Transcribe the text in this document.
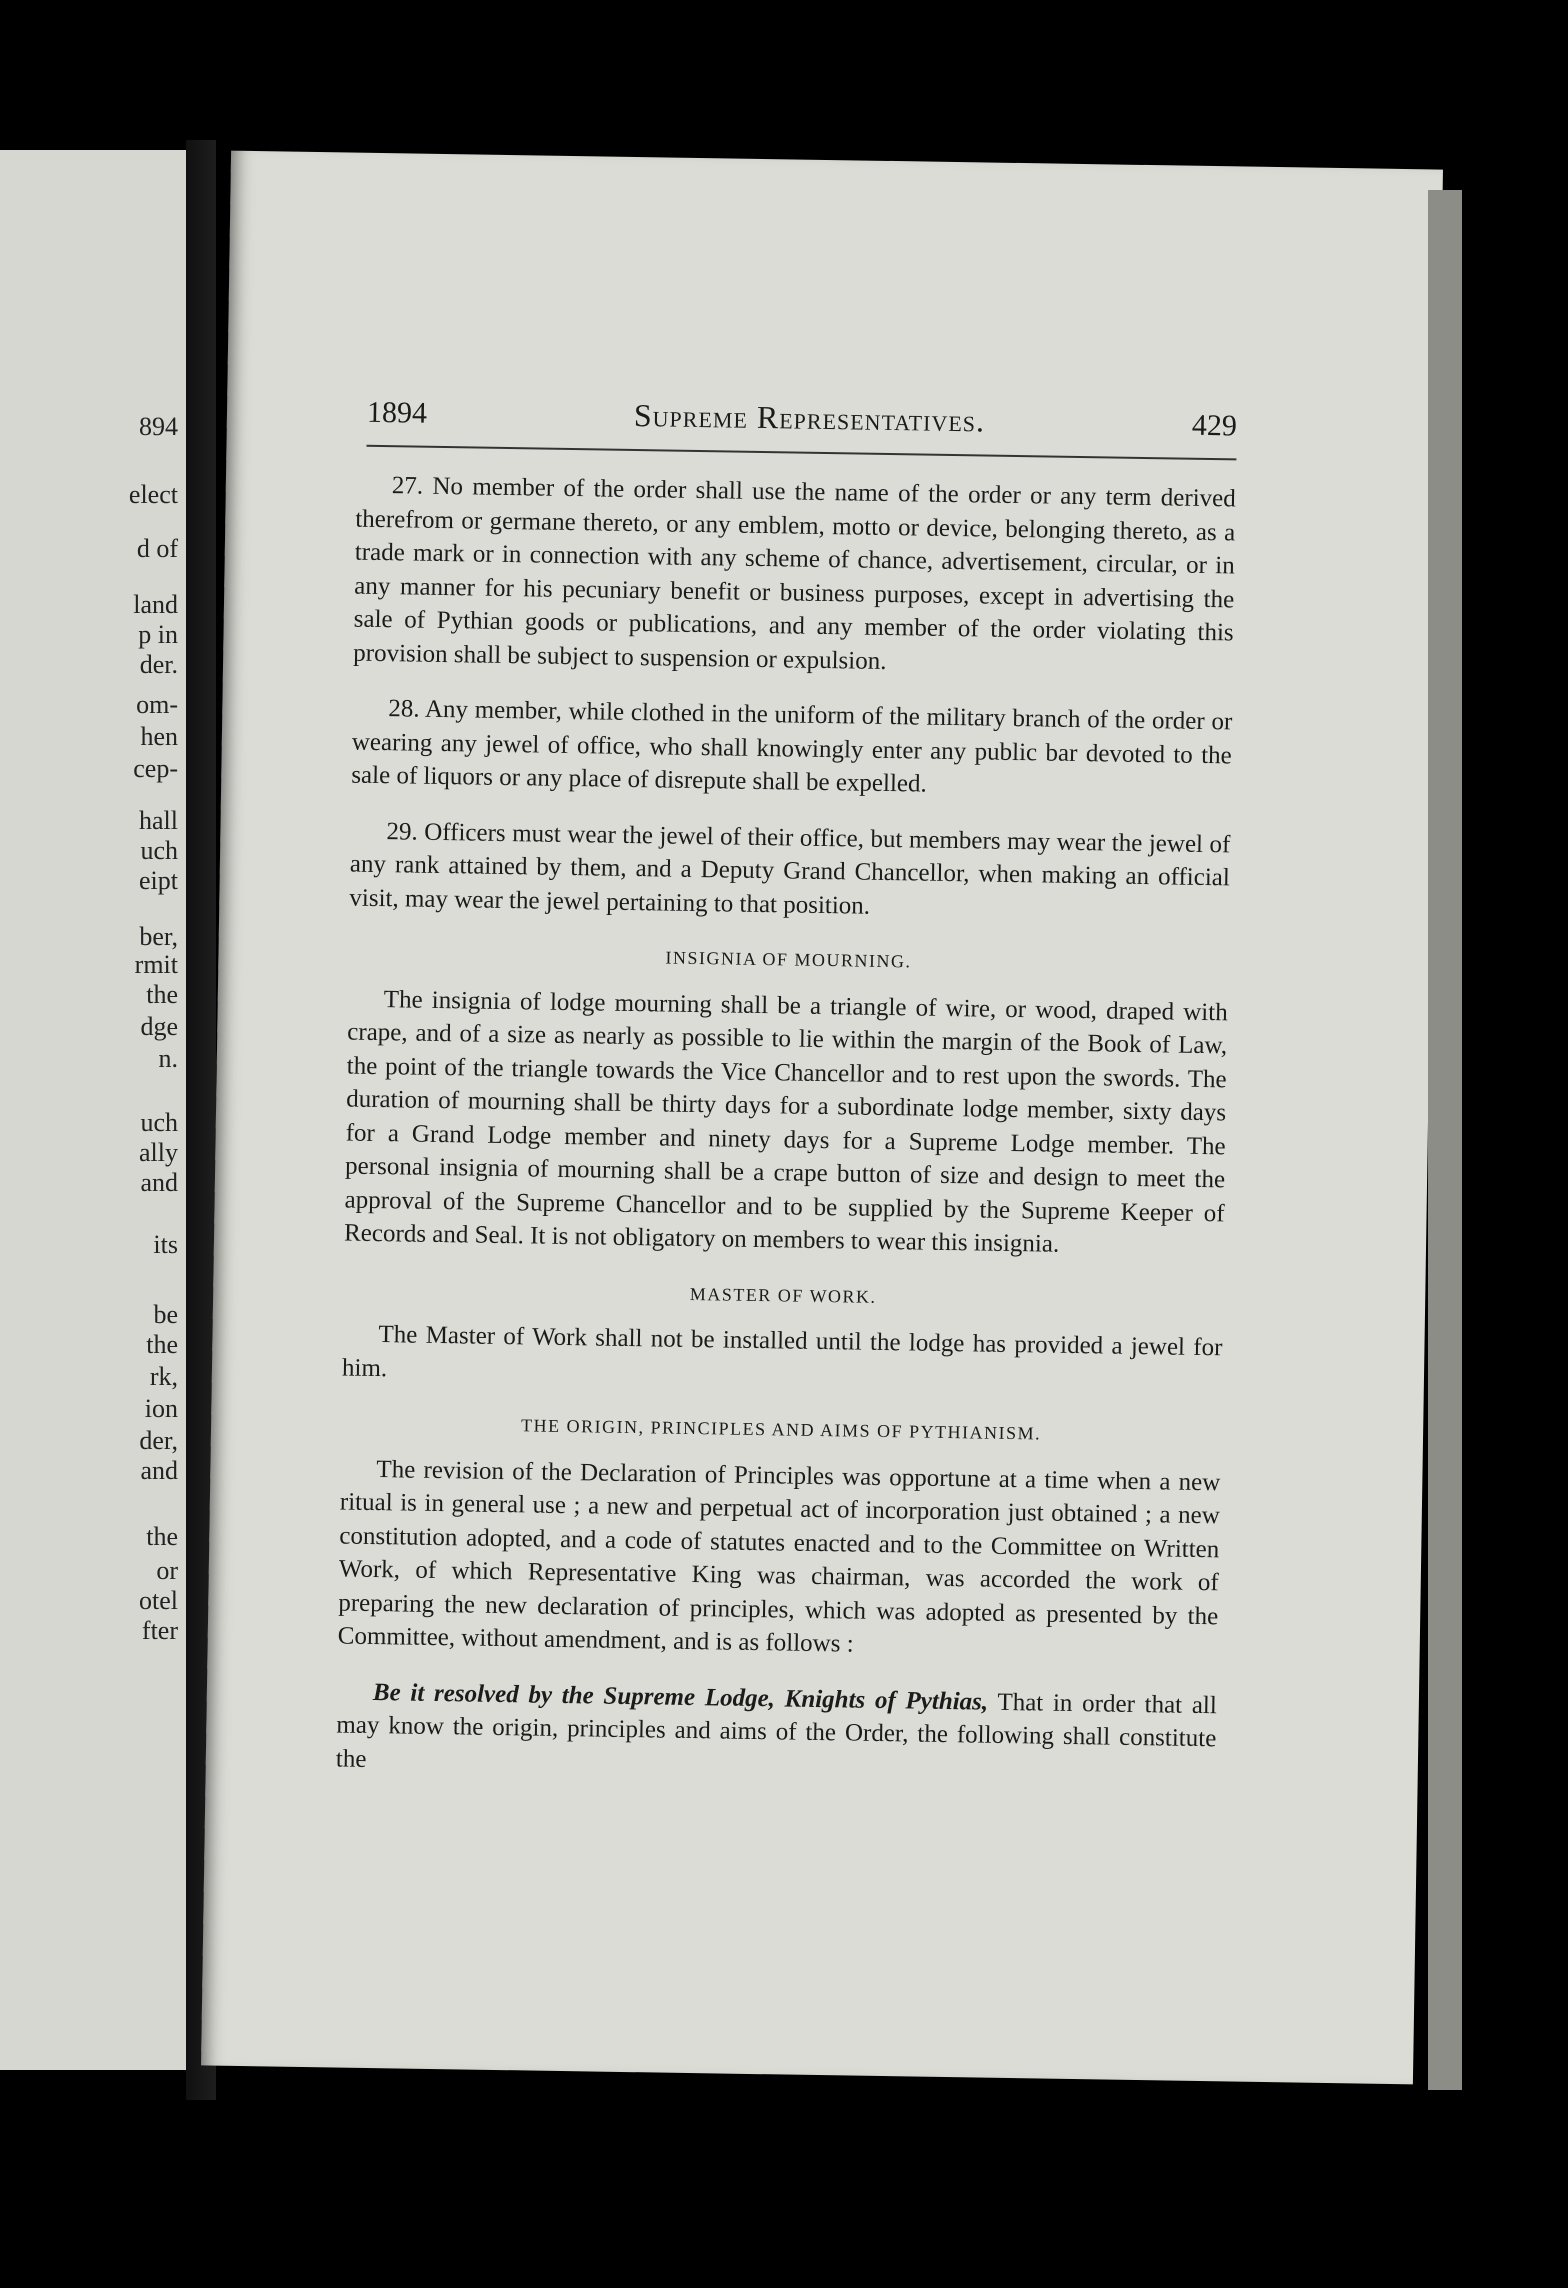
894
elect
d of
land
p in
der.
om-
hen
cep-
hall
uch
eipt
ber,
rmit
the
dge
n.
uch
ally
and
its
be
the
rk,
ion
der,
and
the
or
otel
fter
1894	Supreme Representatives.	429

27. No member of the order shall use the name of the order or any term derived therefrom or germane thereto, or any emblem, motto or device, belonging thereto, as a trade mark or in connection with any scheme of chance, advertisement, circular, or in any manner for his pecuniary benefit or business purposes, except in advertising the sale of Pythian goods or publications, and any member of the order violating this provision shall be subject to suspension or expulsion.

28. Any member, while clothed in the uniform of the military branch of the order or wearing any jewel of office, who shall knowingly enter any public bar devoted to the sale of liquors or any place of disrepute shall be expelled.

29. Officers must wear the jewel of their office, but members may wear the jewel of any rank attained by them, and a Deputy Grand Chancellor, when making an official visit, may wear the jewel pertaining to that position.

INSIGNIA OF MOURNING.

The insignia of lodge mourning shall be a triangle of wire, or wood, draped with crape, and of a size as nearly as possible to lie within the margin of the Book of Law, the point of the triangle towards the Vice Chancellor and to rest upon the swords. The duration of mourning shall be thirty days for a subordinate lodge member, sixty days for a Grand Lodge member and ninety days for a Supreme Lodge member. The personal insignia of mourning shall be a crape button of size and design to meet the approval of the Supreme Chancellor and to be supplied by the Supreme Keeper of Records and Seal. It is not obligatory on members to wear this insignia.

MASTER OF WORK.

The Master of Work shall not be installed until the lodge has provided a jewel for him.

THE ORIGIN, PRINCIPLES AND AIMS OF PYTHIANISM.

The revision of the Declaration of Principles was opportune at a time when a new ritual is in general use ; a new and perpetual act of incorporation just obtained ; a new constitution adopted, and a code of statutes enacted and to the Committee on Written Work, of which Representative King was chairman, was accorded the work of preparing the new declaration of principles, which was adopted as presented by the Committee, without amendment, and is as follows :

Be it resolved by the Supreme Lodge, Knights of Pythias, That in order that all may know the origin, principles and aims of the Order, the following shall constitute the
